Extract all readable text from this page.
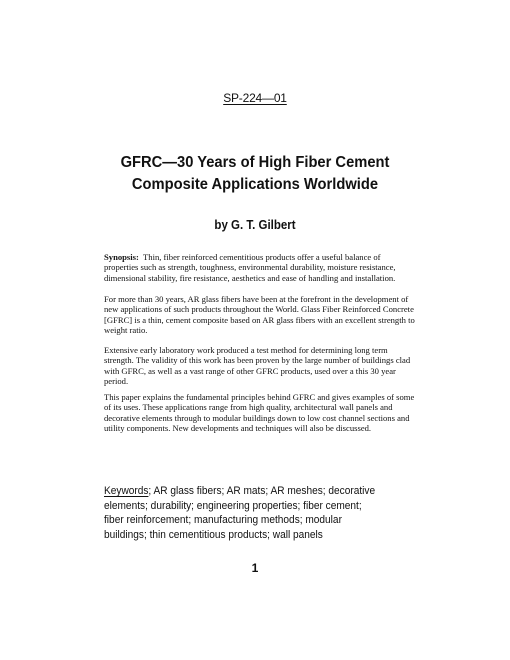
SP-224—01
GFRC—30 Years of High Fiber Cement
Composite Applications Worldwide
by G. T. Gilbert
Synopsis: Thin, fiber reinforced cementitious products offer a useful balance of properties such as strength, toughness, environmental durability, moisture resistance, dimensional stability, fire resistance, aesthetics and ease of handling and installation.
For more than 30 years, AR glass fibers have been at the forefront in the development of new applications of such products throughout the World. Glass Fiber Reinforced Concrete [GFRC] is a thin, cement composite based on AR glass fibers with an excellent strength to weight ratio.
Extensive early laboratory work produced a test method for determining long term strength. The validity of this work has been proven by the large number of buildings clad with GFRC, as well as a vast range of other GFRC products, used over a this 30 year period.
This paper explains the fundamental principles behind GFRC and gives examples of some of its uses. These applications range from high quality, architectural wall panels and decorative elements through to modular buildings down to low cost channel sections and utility components. New developments and techniques will also be discussed.
Keywords; AR glass fibers; AR mats; AR meshes; decorative elements; durability; engineering properties; fiber cement; fiber reinforcement; manufacturing methods; modular buildings; thin cementitious products; wall panels
1
